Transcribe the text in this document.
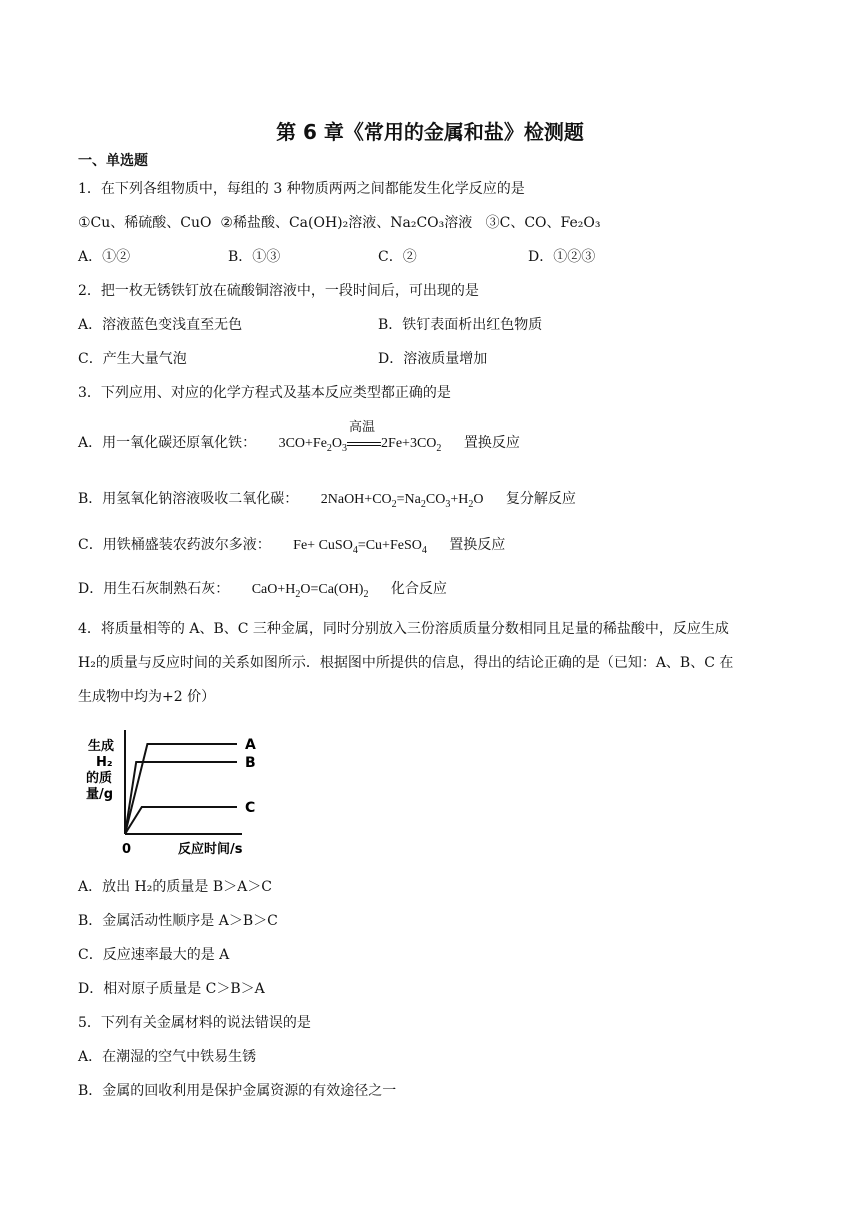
第 6 章《常用的金属和盐》检测题
一、单选题
1．在下列各组物质中，每组的 3 种物质两两之间都能发生化学反应的是
①Cu、稀硫酸、CuO ②稀盐酸、Ca(OH)₂溶液、Na₂CO₃溶液 ③C、CO、Fe₂O₃
A．①②	B．①③	C．②	D．①②③
2．把一枚无锈铁钉放在硫酸铜溶液中，一段时间后，可出现的是
A．溶液蓝色变浅直至无色	B．铁钉表面析出红色物质
C．产生大量气泡	D．溶液质量增加
3．下列应用、对应的化学方程式及基本反应类型都正确的是
A．用一氧化碳还原氧化铁： $3CO+Fe_2O_3$
高温
$2Fe+3CO_2$ 置换反应
B．用氢氧化钠溶液吸收二氧化碳： $2NaOH+CO_2=Na_2CO_3+H_2O$ 复分解反应
C．用铁桶盛装农药波尔多液： Fe+ CuSO$_4$=Cu+FeSO$_4$ 置换反应
D．用生石灰制熟石灰： $CaO+H_2O=Ca(OH)_2$ 化合反应
4．将质量相等的 A、B、C 三种金属，同时分别放入三份溶质质量分数相同且足量的稀盐酸中，反应生成
H₂的质量与反应时间的关系如图所示．根据图中所提供的信息，得出的结论正确的是（已知：A、B、C 在
生成物中均为+2 价）
生成 H₂ 的质 量/g
0	反应时间/s
A
B
C
A．放出 H₂的质量是 B＞A＞C
B．金属活动性顺序是 A＞B＞C
C．反应速率最大的是 A
D．相对原子质量是 C＞B＞A
5．下列有关金属材料的说法错误的是
A．在潮湿的空气中铁易生锈
B．金属的回收利用是保护金属资源的有效途径之一
